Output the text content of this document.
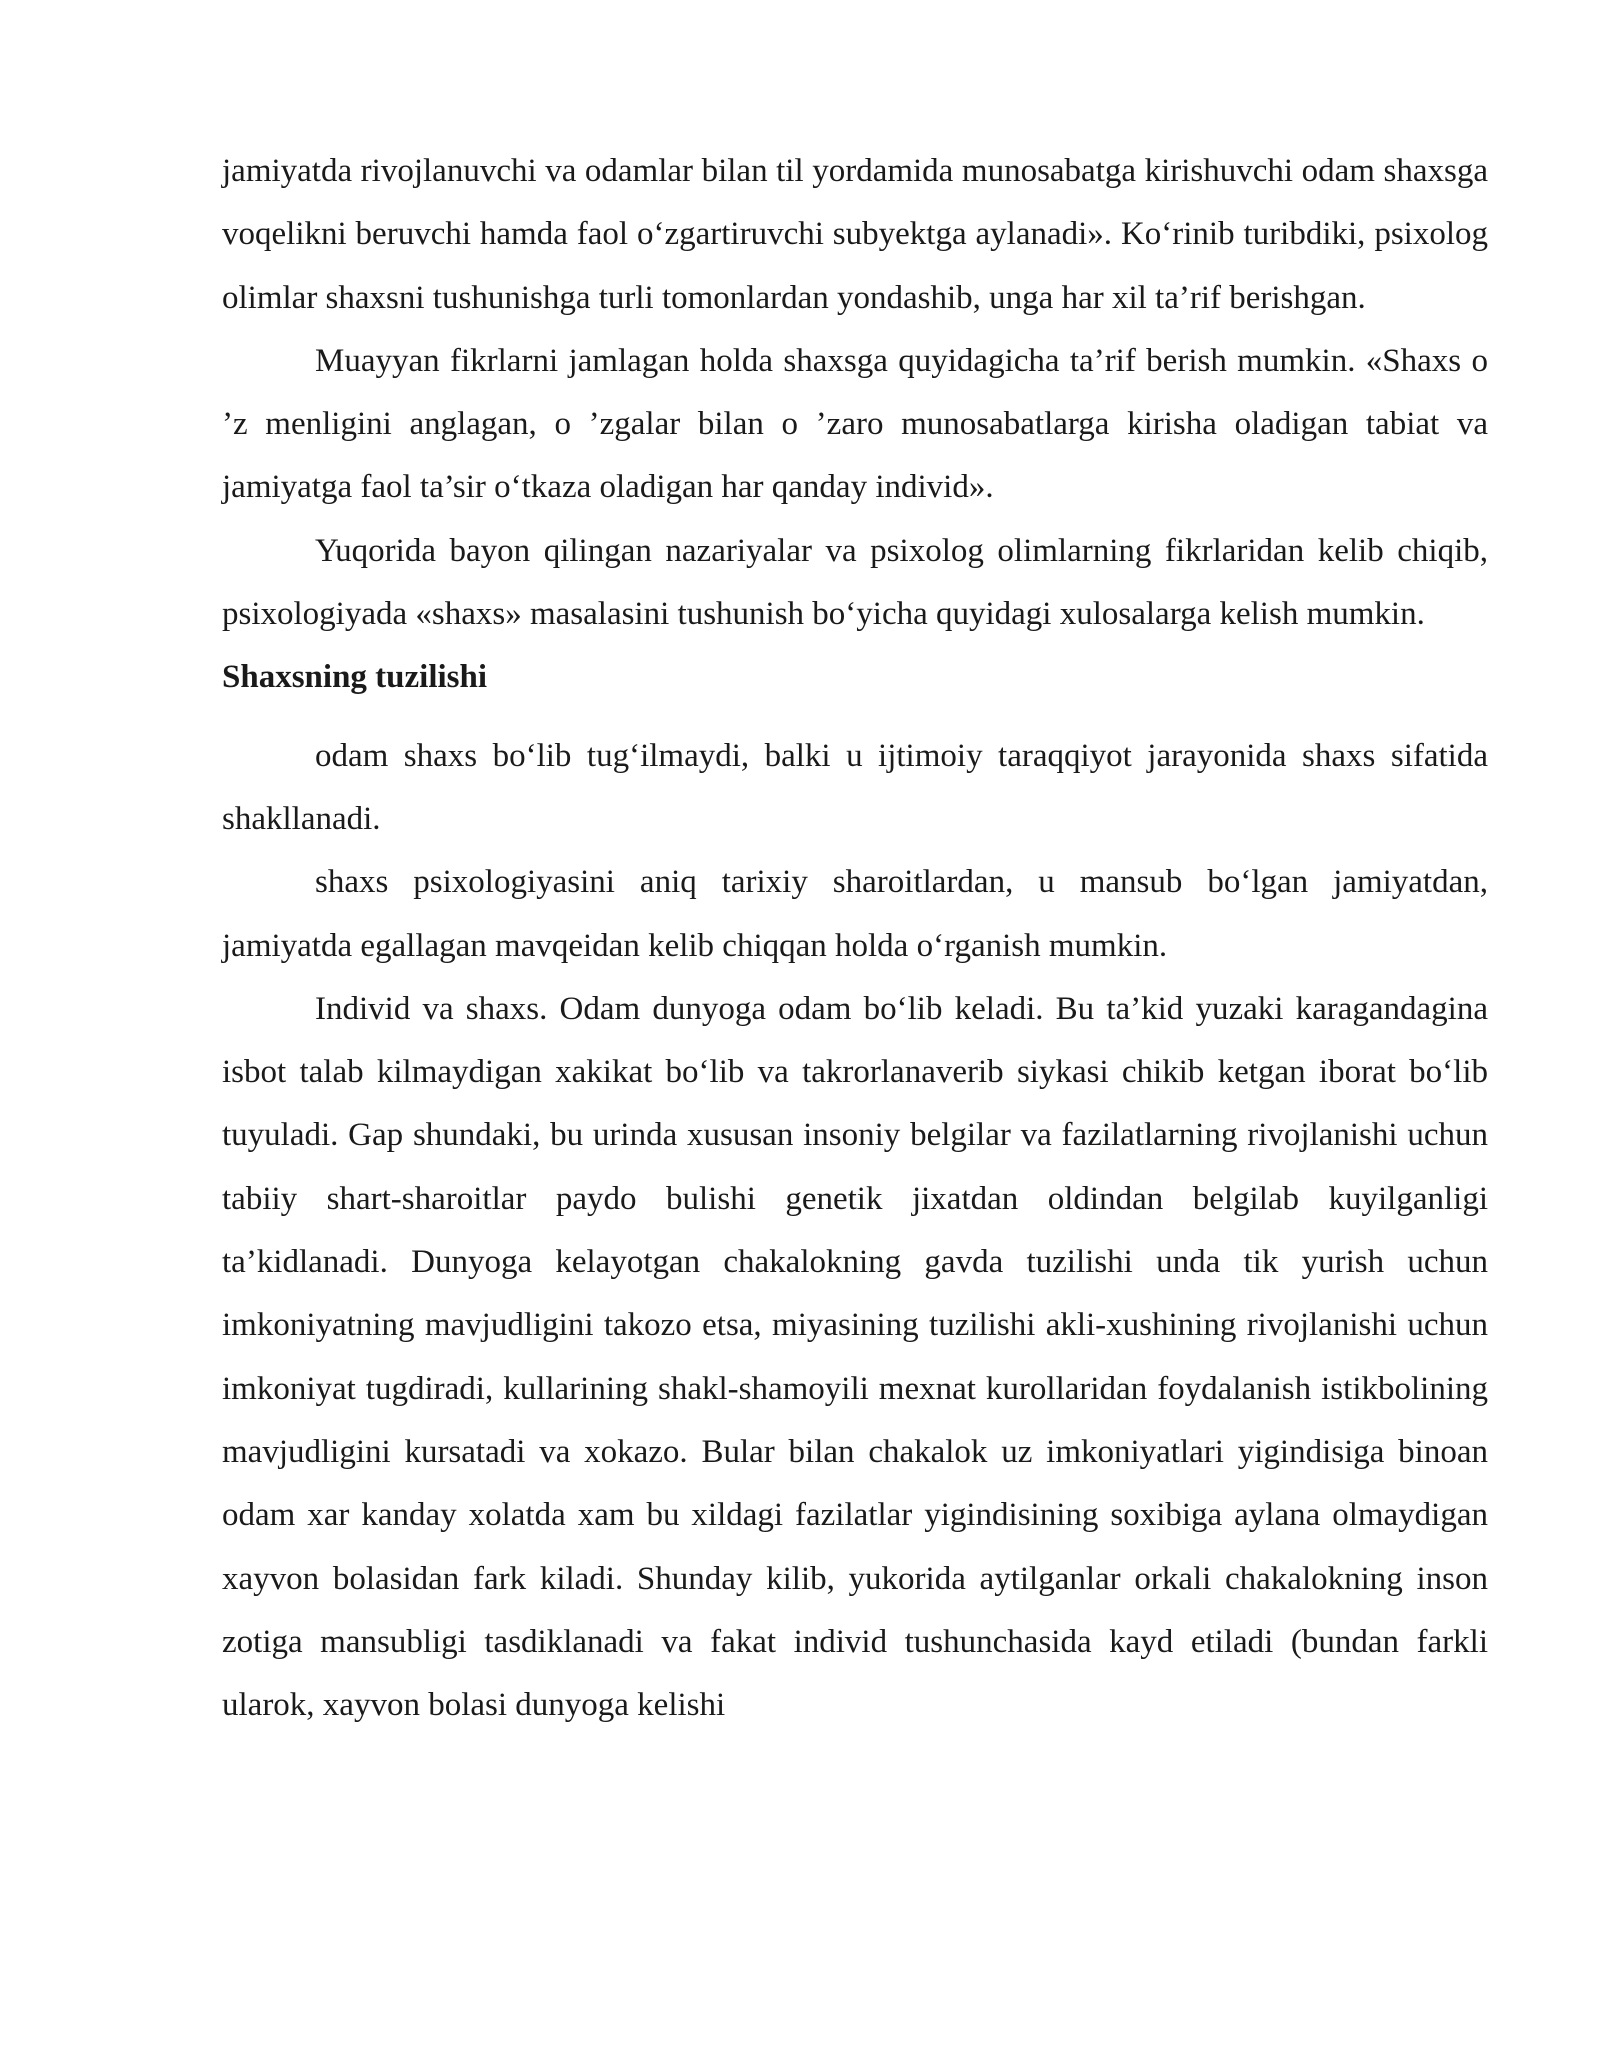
jamiyatda rivojlanuvchi va odamlar bilan til yordamida munosabatga kirishuvchi odam shaxsga voqelikni beruvchi hamda faol o‘zgartiruvchi subyektga aylanadi». Ko‘rinib turibdiki, psixolog olimlar shaxsni tushunishga turli tomonlardan yondashib, unga har xil ta’rif berishgan.

Muayyan fikrlarni jamlagan holda shaxsga quyidagicha ta’rif berish mumkin. «Shaxs o ’z menligini anglagan, o ’zgalar bilan o ’zaro munosabatlarga kirisha oladigan tabiat va jamiyatga faol ta’sir o‘tkaza oladigan har qanday individ».

Yuqorida bayon qilingan nazariyalar va psixolog olimlarning fikrlaridan kelib chiqib, psixologiyada «shaxs» masalasini tushunish bo‘yicha quyidagi xulosalarga kelish mumkin.

Shaxsning tuzilishi

odam shaxs bo‘lib tug‘ilmaydi, balki u ijtimoiy taraqqiyot jarayonida shaxs sifatida shakllanadi.

shaxs psixologiyasini aniq tarixiy sharoitlardan, u mansub bo‘lgan jamiyatdan, jamiyatda egallagan mavqeidan kelib chiqqan holda o‘rganish mumkin.

Individ va shaxs. Odam dunyoga odam bo‘lib keladi. Bu ta’kid yuzaki karagandagina isbot talab kilmaydigan xakikat bo‘lib va takrorlanaverib siykasi chikib ketgan iborat bo‘lib tuyuladi. Gap shundaki, bu urinda xususan insoniy belgilar va fazilatlarning rivojlanishi uchun tabiiy shart-sharoitlar paydo bulishi genetik jixatdan oldindan belgilab kuyilganligi ta’kidlanadi. Dunyoga kelayotgan chakalokning gavda tuzilishi unda tik yurish uchun imkoniyatning mavjudligini takozo etsa, miyasining tuzilishi akli-xushining rivojlanishi uchun imkoniyat tugdiradi, kullarining shakl-shamoyili mexnat kurollaridan foydalanish istikbolining mavjudligini kursatadi va xokazo. Bular bilan chakalok uz imkoniyatlari yigindisiga binoan odam xar kanday xolatda xam bu xildagi fazilatlar yigindisining soxibiga aylana olmaydigan xayvon bolasidan fark kiladi. Shunday kilib, yukorida aytilganlar orkali chakalokning inson zotiga mansubligi tasdiklanadi va fakat individ tushunchasida kayd etiladi (bundan farkli ularok, xayvon bolasi dunyoga kelishi
